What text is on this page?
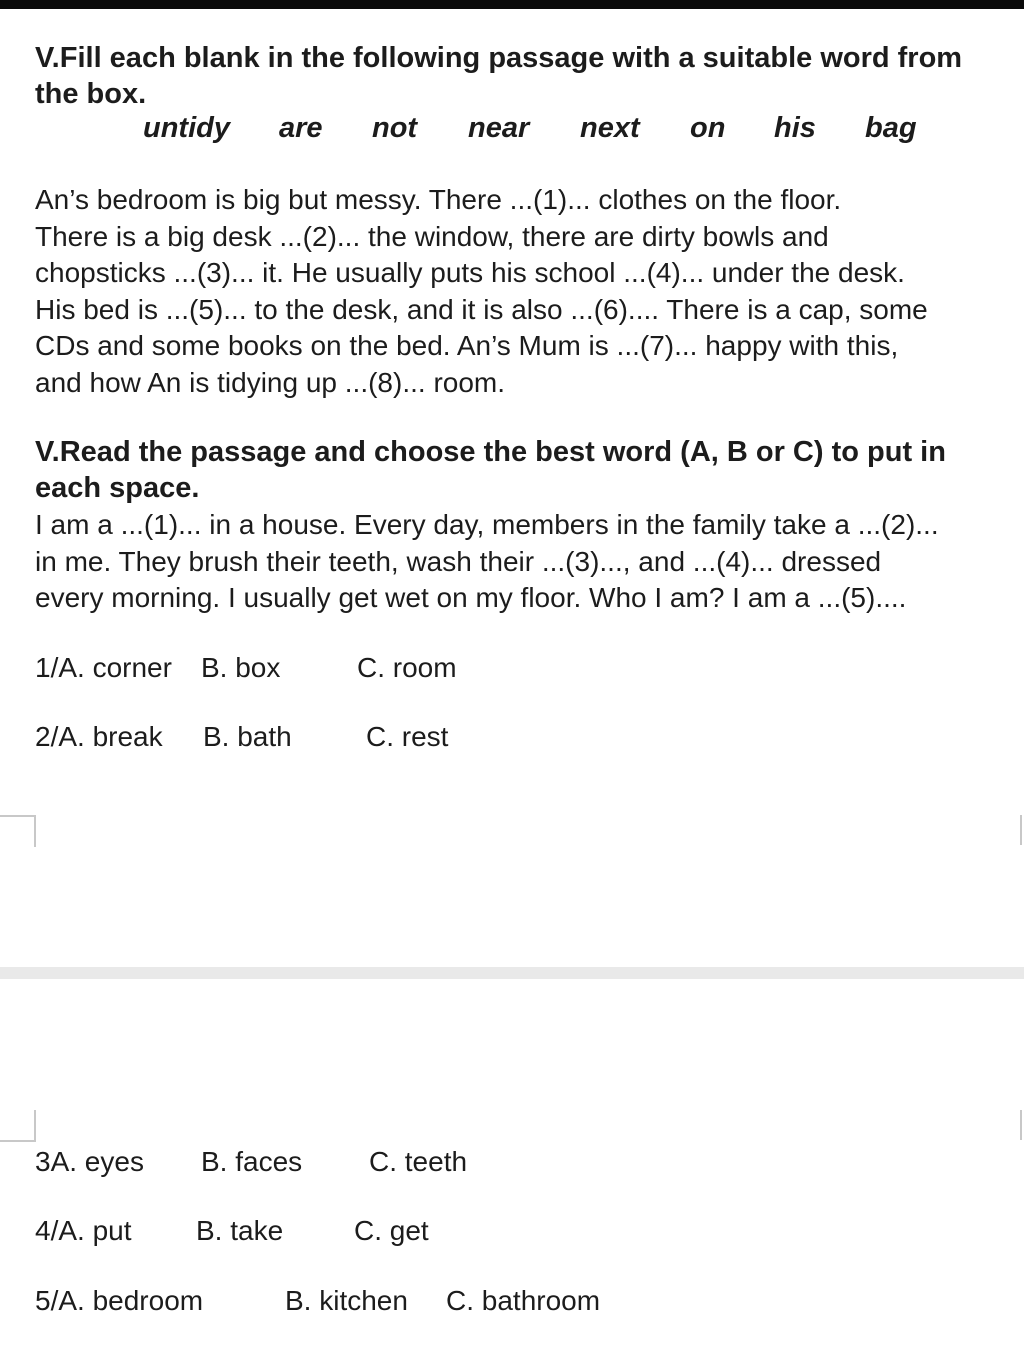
V.Fill each blank in the following passage with a suitable word from
the box.
untidy are not near next on his bag
An’s bedroom is big but messy. There ...(1)... clothes on the floor.
There is a big desk ...(2)... the window, there are dirty bowls and
chopsticks ...(3)... it. He usually puts his school ...(4)... under the desk.
His bed is ...(5)... to the desk, and it is also ...(6).... There is a cap, some
CDs and some books on the bed. An’s Mum is ...(7)... happy with this,
and how An is tidying up ...(8)... room.
V.Read the passage and choose the best word (A, B or C) to put in
each space.
I am a ...(1)... in a house. Every day, members in the family take a ...(2)...
in me. They brush their teeth, wash their ...(3)..., and ...(4)... dressed
every morning. I usually get wet on my floor. Who I am? I am a ...(5)....
1/A. corner B. box	C. room
2/A. break B. bath	C. rest
3A. eyes B. faces C. teeth
4/A. put B. take	C. get
5/A. bedroom	B. kitchen C. bathroom
